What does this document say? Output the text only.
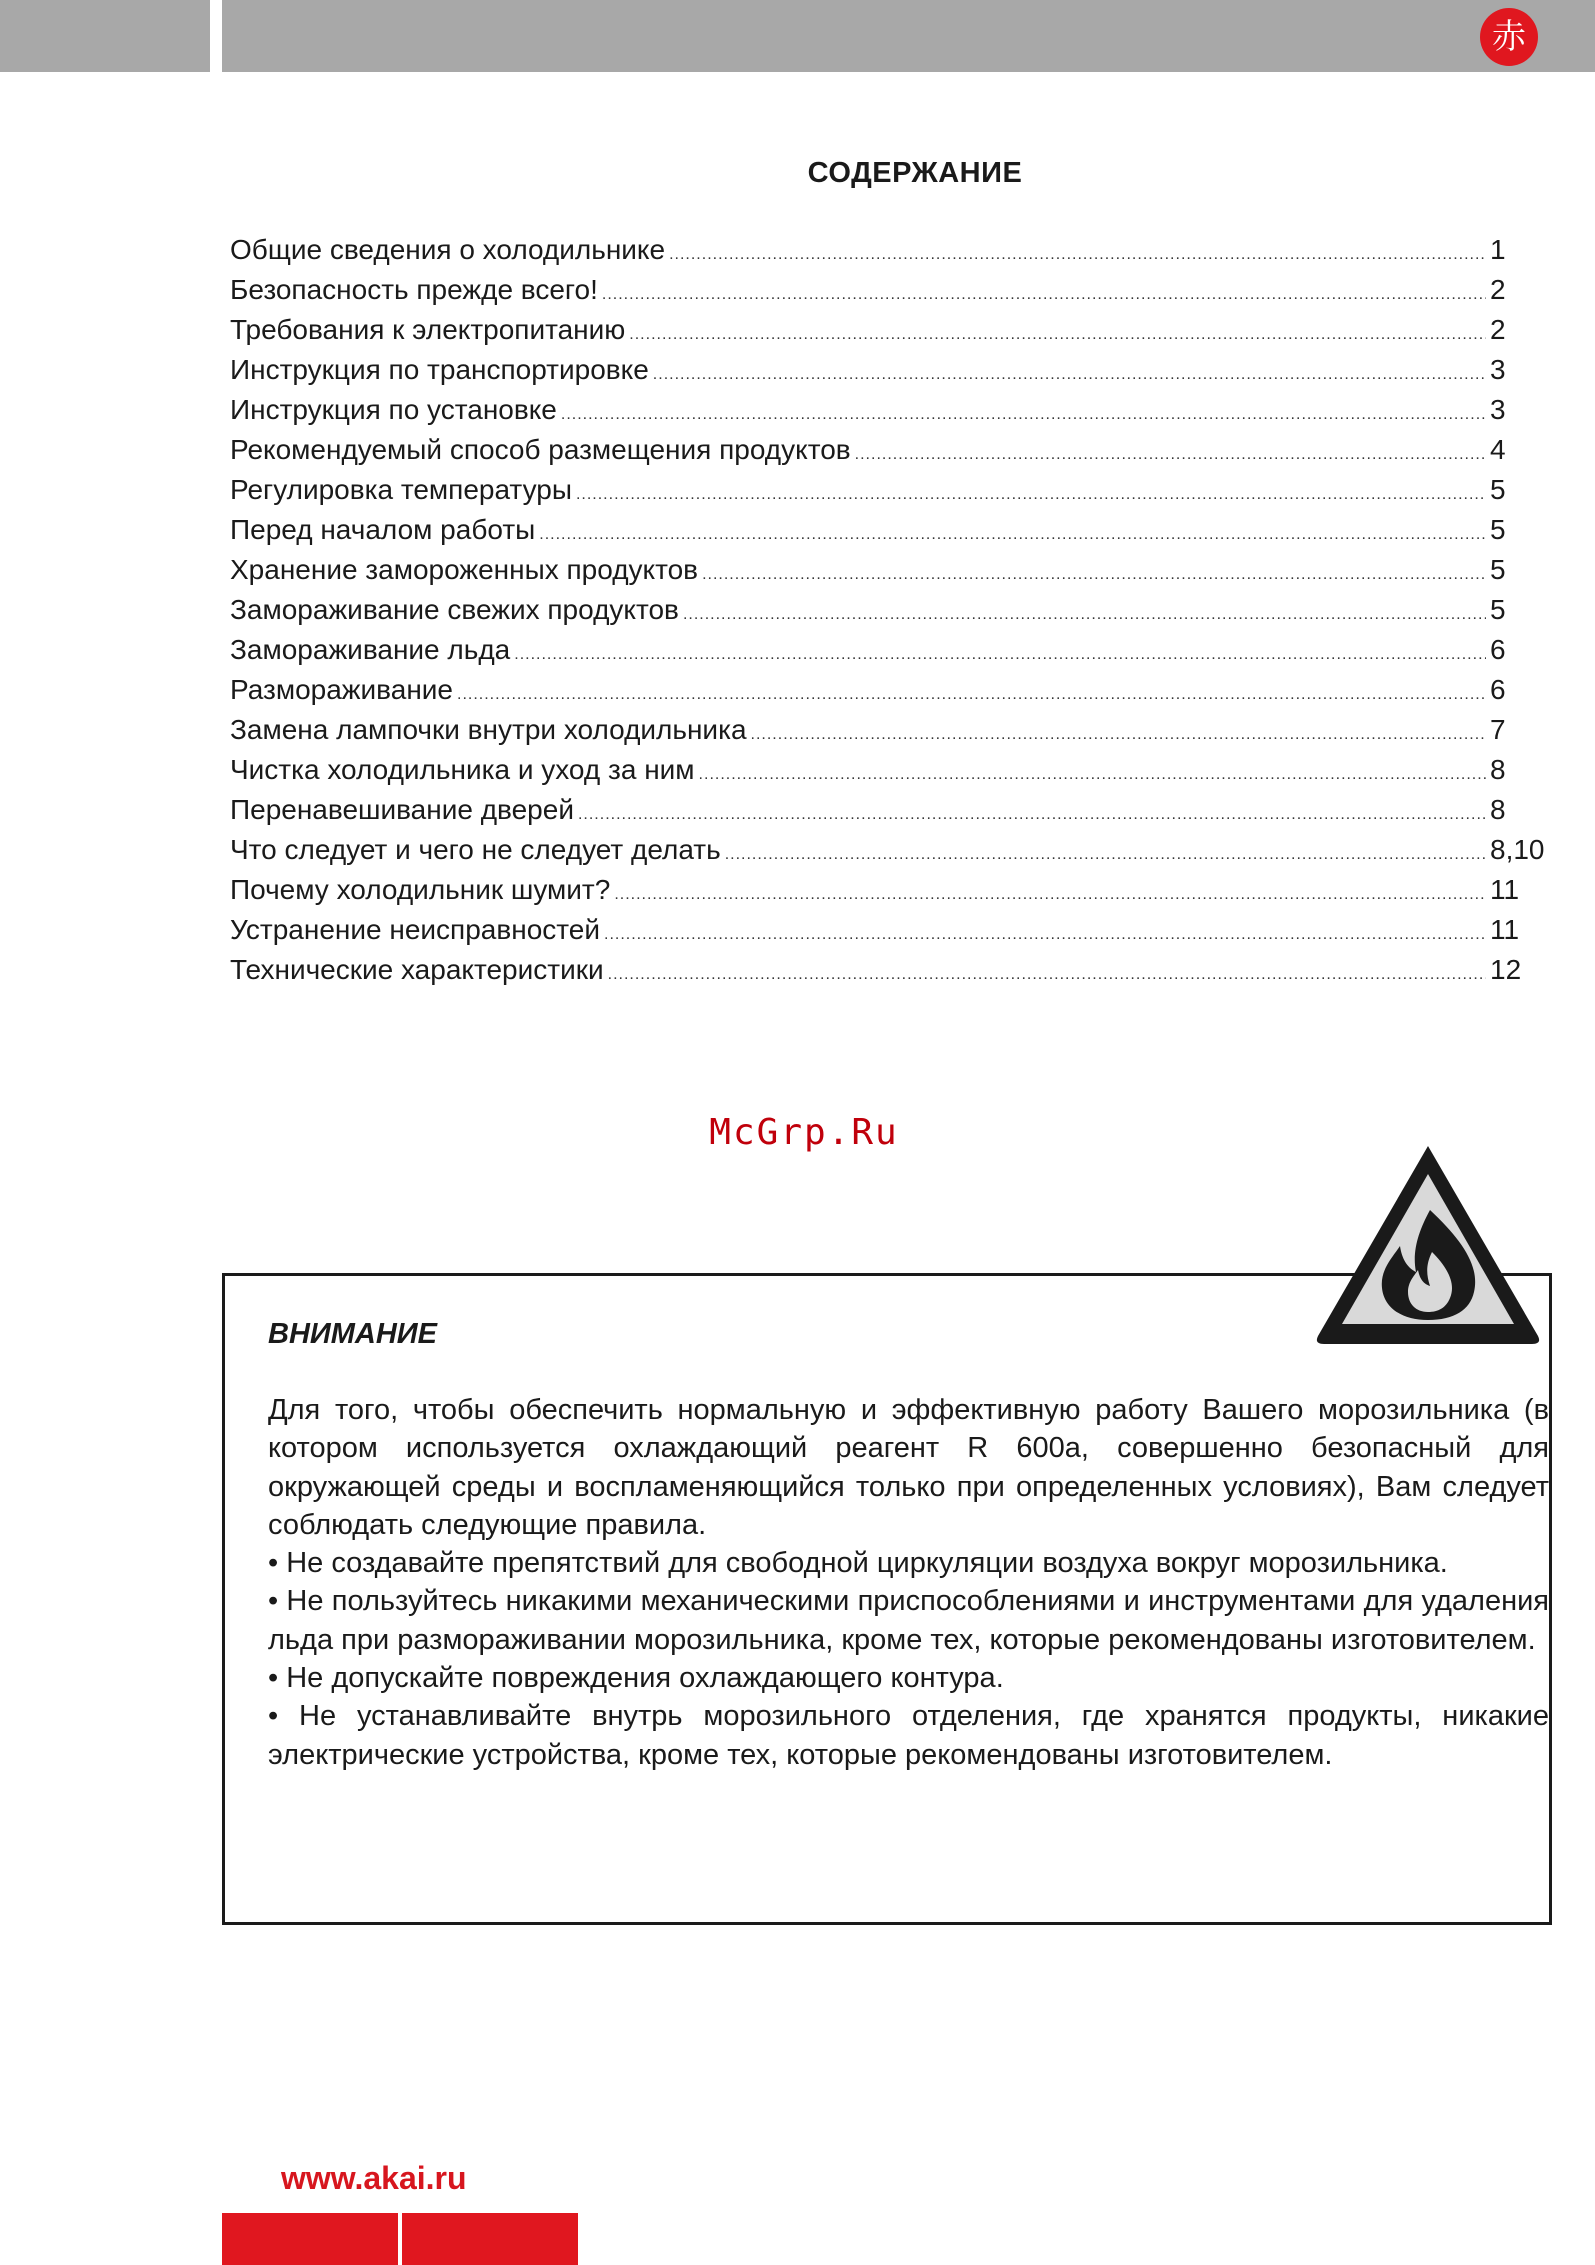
赤
СОДЕРЖАНИЕ
Общие сведения о холодильнике .....	1
Безопасность прежде всего! .....	2
Требования к электропитанию .....	2
Инструкция по транспортировке .....	3
Инструкция по установке .....	3
Рекомендуемый способ размещения продуктов .....	4
Регулировка температуры .....	5
Перед началом работы .....	5
Хранение замороженных продуктов .....	5
Замораживание свежих продуктов .....	5
Замораживание льда .....	6
Размораживание .....	6
Замена лампочки внутри холодильника .....	7
Чистка холодильника и уход за ним .....	8
Перенавешивание дверей .....	8
Что следует и чего не следует делать .....	8,10
Почему холодильник шумит? .....	11
Устранение неисправностей .....	11
Технические характеристики .....	12
McGrp.Ru
ВНИМАНИЕ

Для того, чтобы обеспечить нормальную и эффективную работу Вашего морозильника (в котором используется охлаждающий реагент R 600a, совершенно безопасный для окружающей среды и воспламеняющийся только при определенных условиях), Вам следует соблюдать следующие правила.

• Не создавайте препятствий для свободной циркуляции воздуха вокруг морозильника.

• Не пользуйтесь никакими механическими приспособлениями и инструментами для удаления льда при размораживании морозильника, кроме тех, которые рекомендованы изготовителем.

• Не допускайте повреждения охлаждающего контура.

• Не устанавливайте внутрь морозильного отделения, где хранятся продукты, никакие электрические устройства, кроме тех, которые рекомендованы изготовителем.

www.akai.ru
